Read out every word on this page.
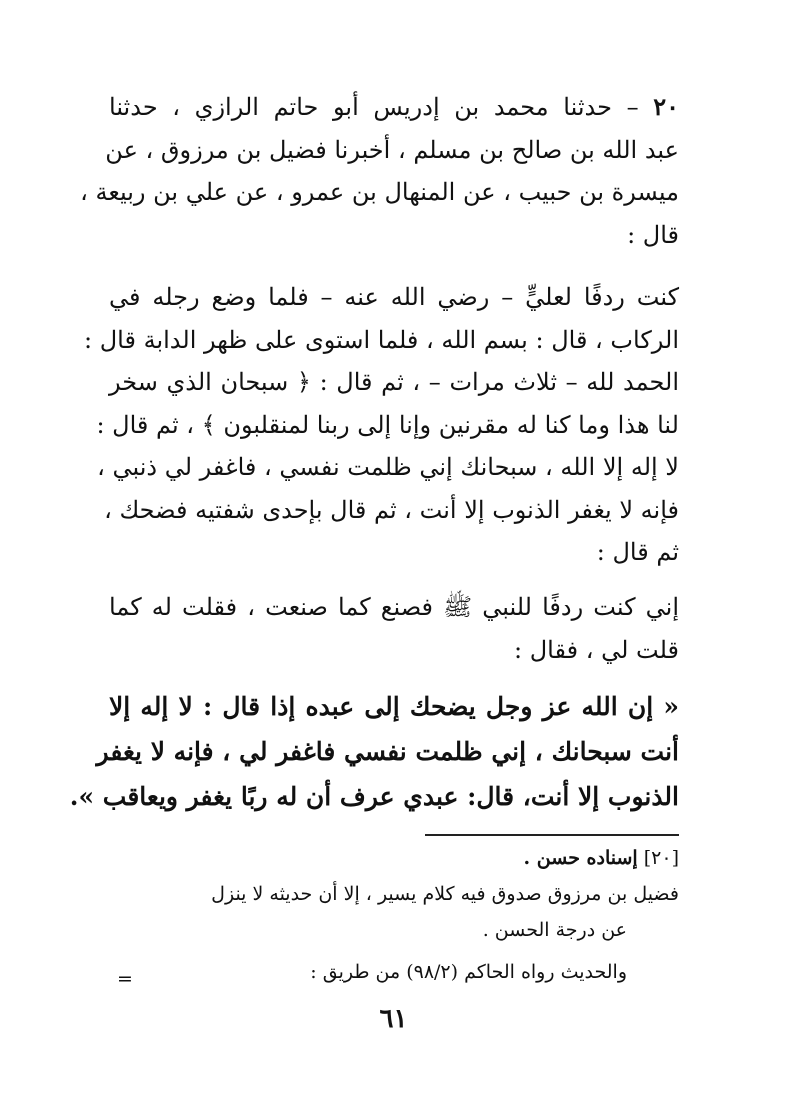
٢٠ – حدثنا محمد بن إدريس أبو حاتم الرازي ، حدثنا
عبد الله بن صالح بن مسلم ، أخبرنا فضيل بن مرزوق ، عن
ميسرة بن حبيب ، عن المنهال بن عمرو ، عن علي بن ربيعة ،
قال :
كنت ردفًا لعليٍّ – رضي الله عنه – فلما وضع رجله في
الركاب ، قال : بسم الله ، فلما استوى على ظهر الدابة قال :
الحمد لله – ثلاث مرات – ، ثم قال : ﴿ سبحان الذي سخر
لنا هذا وما كنا له مقرنين وإنا إلى ربنا لمنقلبون ﴾ ، ثم قال :
لا إله إلا الله ، سبحانك إني ظلمت نفسي ، فاغفر لي ذنبي ،
فإنه لا يغفر الذنوب إلا أنت ، ثم قال بإحدى شفتيه فضحك ،
ثم قال :
إني كنت ردفًا للنبي ﷺ فصنع كما صنعت ، فقلت له كما
قلت لي ، فقال :
« إن الله عز وجل يضحك إلى عبده إذا قال : لا إله إلا
أنت سبحانك ، إني ظلمت نفسي فاغفر لي ، فإنه لا يغفر
الذنوب إلا أنت، قال: عبدي عرف أن له ربًا يغفر ويعاقب ».
[٢٠] إسناده حسن .
فضيل بن مرزوق صدوق فيه كلام يسير ، إلا أن حديثه لا ينزل
عن درجة الحسن .
والحديث رواه الحاكم (٩٨/٢) من طريق :
=
٦١
